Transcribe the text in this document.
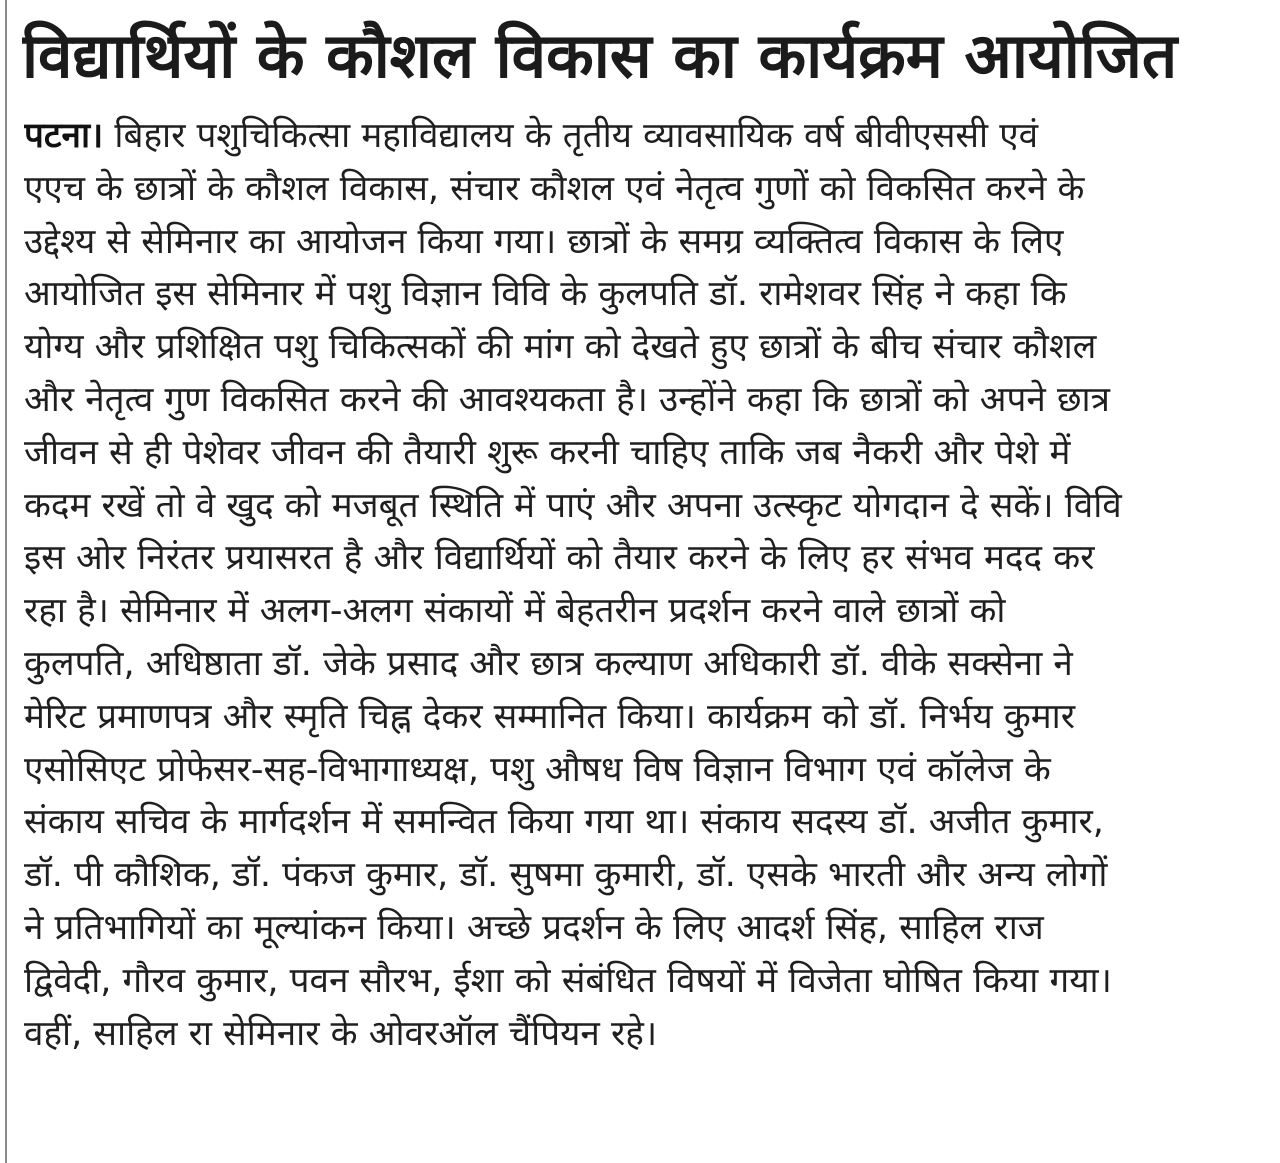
विद्यार्थियों के कौशल विकास का कार्यक्रम आयोजित
पटना। बिहार पशुचिकित्सा महाविद्यालय के तृतीय व्यावसायिक वर्ष बीवीएससी एवं
एएच के छात्रों के कौशल विकास, संचार कौशल एवं नेतृत्व गुणों को विकसित करने के
उद्देश्य से सेमिनार का आयोजन किया गया। छात्रों के समग्र व्यक्तित्व विकास के लिए
आयोजित इस सेमिनार में पशु विज्ञान विवि के कुलपति डॉ. रामेशवर सिंह ने कहा कि
योग्य और प्रशिक्षित पशु चिकित्सकों की मांग को देखते हुए छात्रों के बीच संचार कौशल
और नेतृत्व गुण विकसित करने की आवश्यकता है। उन्होंने कहा कि छात्रों को अपने छात्र
जीवन से ही पेशेवर जीवन की तैयारी शुरू करनी चाहिए ताकि जब नैकरी और पेशे में
कदम रखें तो वे खुद को मजबूत स्थिति में पाएं और अपना उत्स्कृट योगदान दे सकें। विवि
इस ओर निरंतर प्रयासरत है और विद्यार्थियों को तैयार करने के लिए हर संभव मदद कर
रहा है। सेमिनार में अलग-अलग संकायों में बेहतरीन प्रदर्शन करने वाले छात्रों को
कुलपति, अधिष्ठाता डॉ. जेके प्रसाद और छात्र कल्याण अधिकारी डॉ. वीके सक्सेना ने
मेरिट प्रमाणपत्र और स्मृति चिह्न देकर सम्मानित किया। कार्यक्रम को डॉ. निर्भय कुमार
एसोसिएट प्रोफेसर-सह-विभागाध्यक्ष, पशु औषध विष विज्ञान विभाग एवं कॉलेज के
संकाय सचिव के मार्गदर्शन में समन्वित किया गया था। संकाय सदस्य डॉ. अजीत कुमार,
डॉ. पी कौशिक, डॉ. पंकज कुमार, डॉ. सुषमा कुमारी, डॉ. एसके भारती और अन्य लोगों
ने प्रतिभागियों का मूल्यांकन किया। अच्छे प्रदर्शन के लिए आदर्श सिंह, साहिल राज
द्विवेदी, गौरव कुमार, पवन सौरभ, ईशा को संबंधित विषयों में विजेता घोषित किया गया।
वहीं, साहिल रा सेमिनार के ओवरऑल चैंपियन रहे।
